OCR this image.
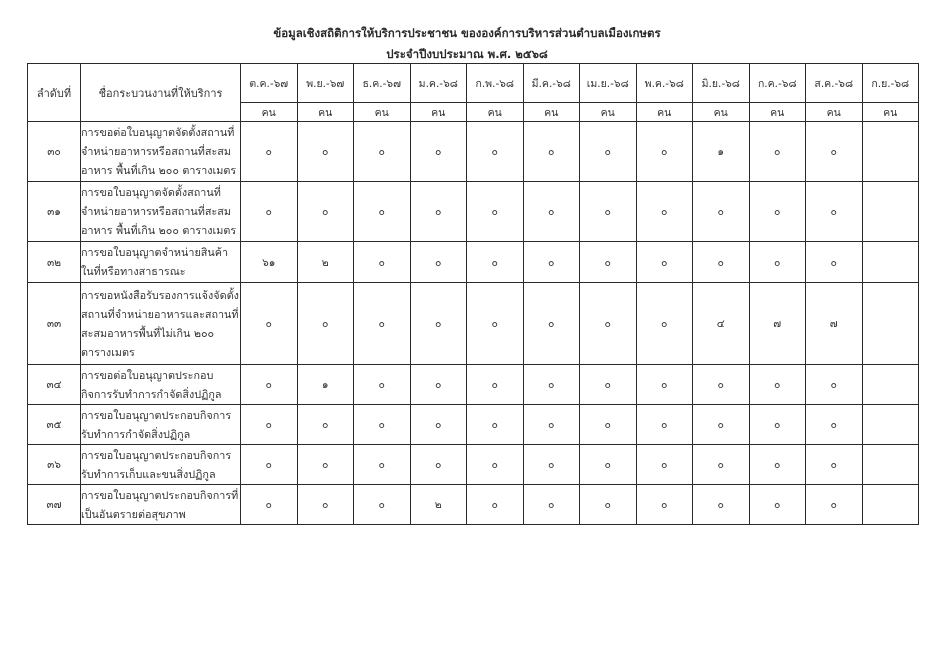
ข้อมูลเชิงสถิติการให้บริการประชาชน ขององค์การบริหารส่วนตำบลเมืองเกษตร
ประจำปีงบประมาณ พ.ศ. ๒๕๖๘
ลำดับที่	ชื่อกระบวนงานที่ให้บริการ	ต.ค.-๖๗	พ.ย.-๖๗	ธ.ค.-๖๗	ม.ค.-๖๘	ก.พ.-๖๘	มี.ค.-๖๘	เม.ย.-๖๘	พ.ค.-๖๘	มิ.ย.-๖๘	ก.ค.-๖๘	ส.ค.-๖๘	ก.ย.-๖๘
		คน	คน	คน	คน	คน	คน	คน	คน	คน	คน	คน	คน
๓๐	การขอต่อใบอนุญาตจัดตั้งสถานที่จำหน่ายอาหารหรือสถานที่สะสมอาหาร พื้นที่เกิน ๒๐๐ ตารางเมตร	๐	๐	๐	๐	๐	๐	๐	๐	๑	๐	๐	
๓๑	การขอใบอนุญาตจัดตั้งสถานที่จำหน่ายอาหารหรือสถานที่สะสมอาหาร พื้นที่เกิน ๒๐๐ ตารางเมตร	๐	๐	๐	๐	๐	๐	๐	๐	๐	๐	๐	
๓๒	การขอใบอนุญาตจำหน่ายสินค้าในที่หรือทางสาธารณะ	๖๑	๒	๐	๐	๐	๐	๐	๐	๐	๐	๐	
๓๓	การขอหนังสือรับรองการแจ้งจัดตั้งสถานที่จำหน่ายอาหารและสถานที่สะสมอาหารพื้นที่ไม่เกิน ๒๐๐ ตารางเมตร	๐	๐	๐	๐	๐	๐	๐	๐	๔	๗	๗	
๓๔	การขอต่อใบอนุญาตประกอบกิจการรับทำการกำจัดสิ่งปฏิกูล	๐	๑	๐	๐	๐	๐	๐	๐	๐	๐	๐	
๓๕	การขอใบอนุญาตประกอบกิจการรับทำการกำจัดสิ่งปฏิกูล	๐	๐	๐	๐	๐	๐	๐	๐	๐	๐	๐	
๓๖	การขอใบอนุญาตประกอบกิจการรับทำการเก็บและขนสิ่งปฏิกูล	๐	๐	๐	๐	๐	๐	๐	๐	๐	๐	๐	
๓๗	การขอใบอนุญาตประกอบกิจการที่เป็นอันตรายต่อสุขภาพ	๐	๐	๐	๒	๐	๐	๐	๐	๐	๐	๐	
